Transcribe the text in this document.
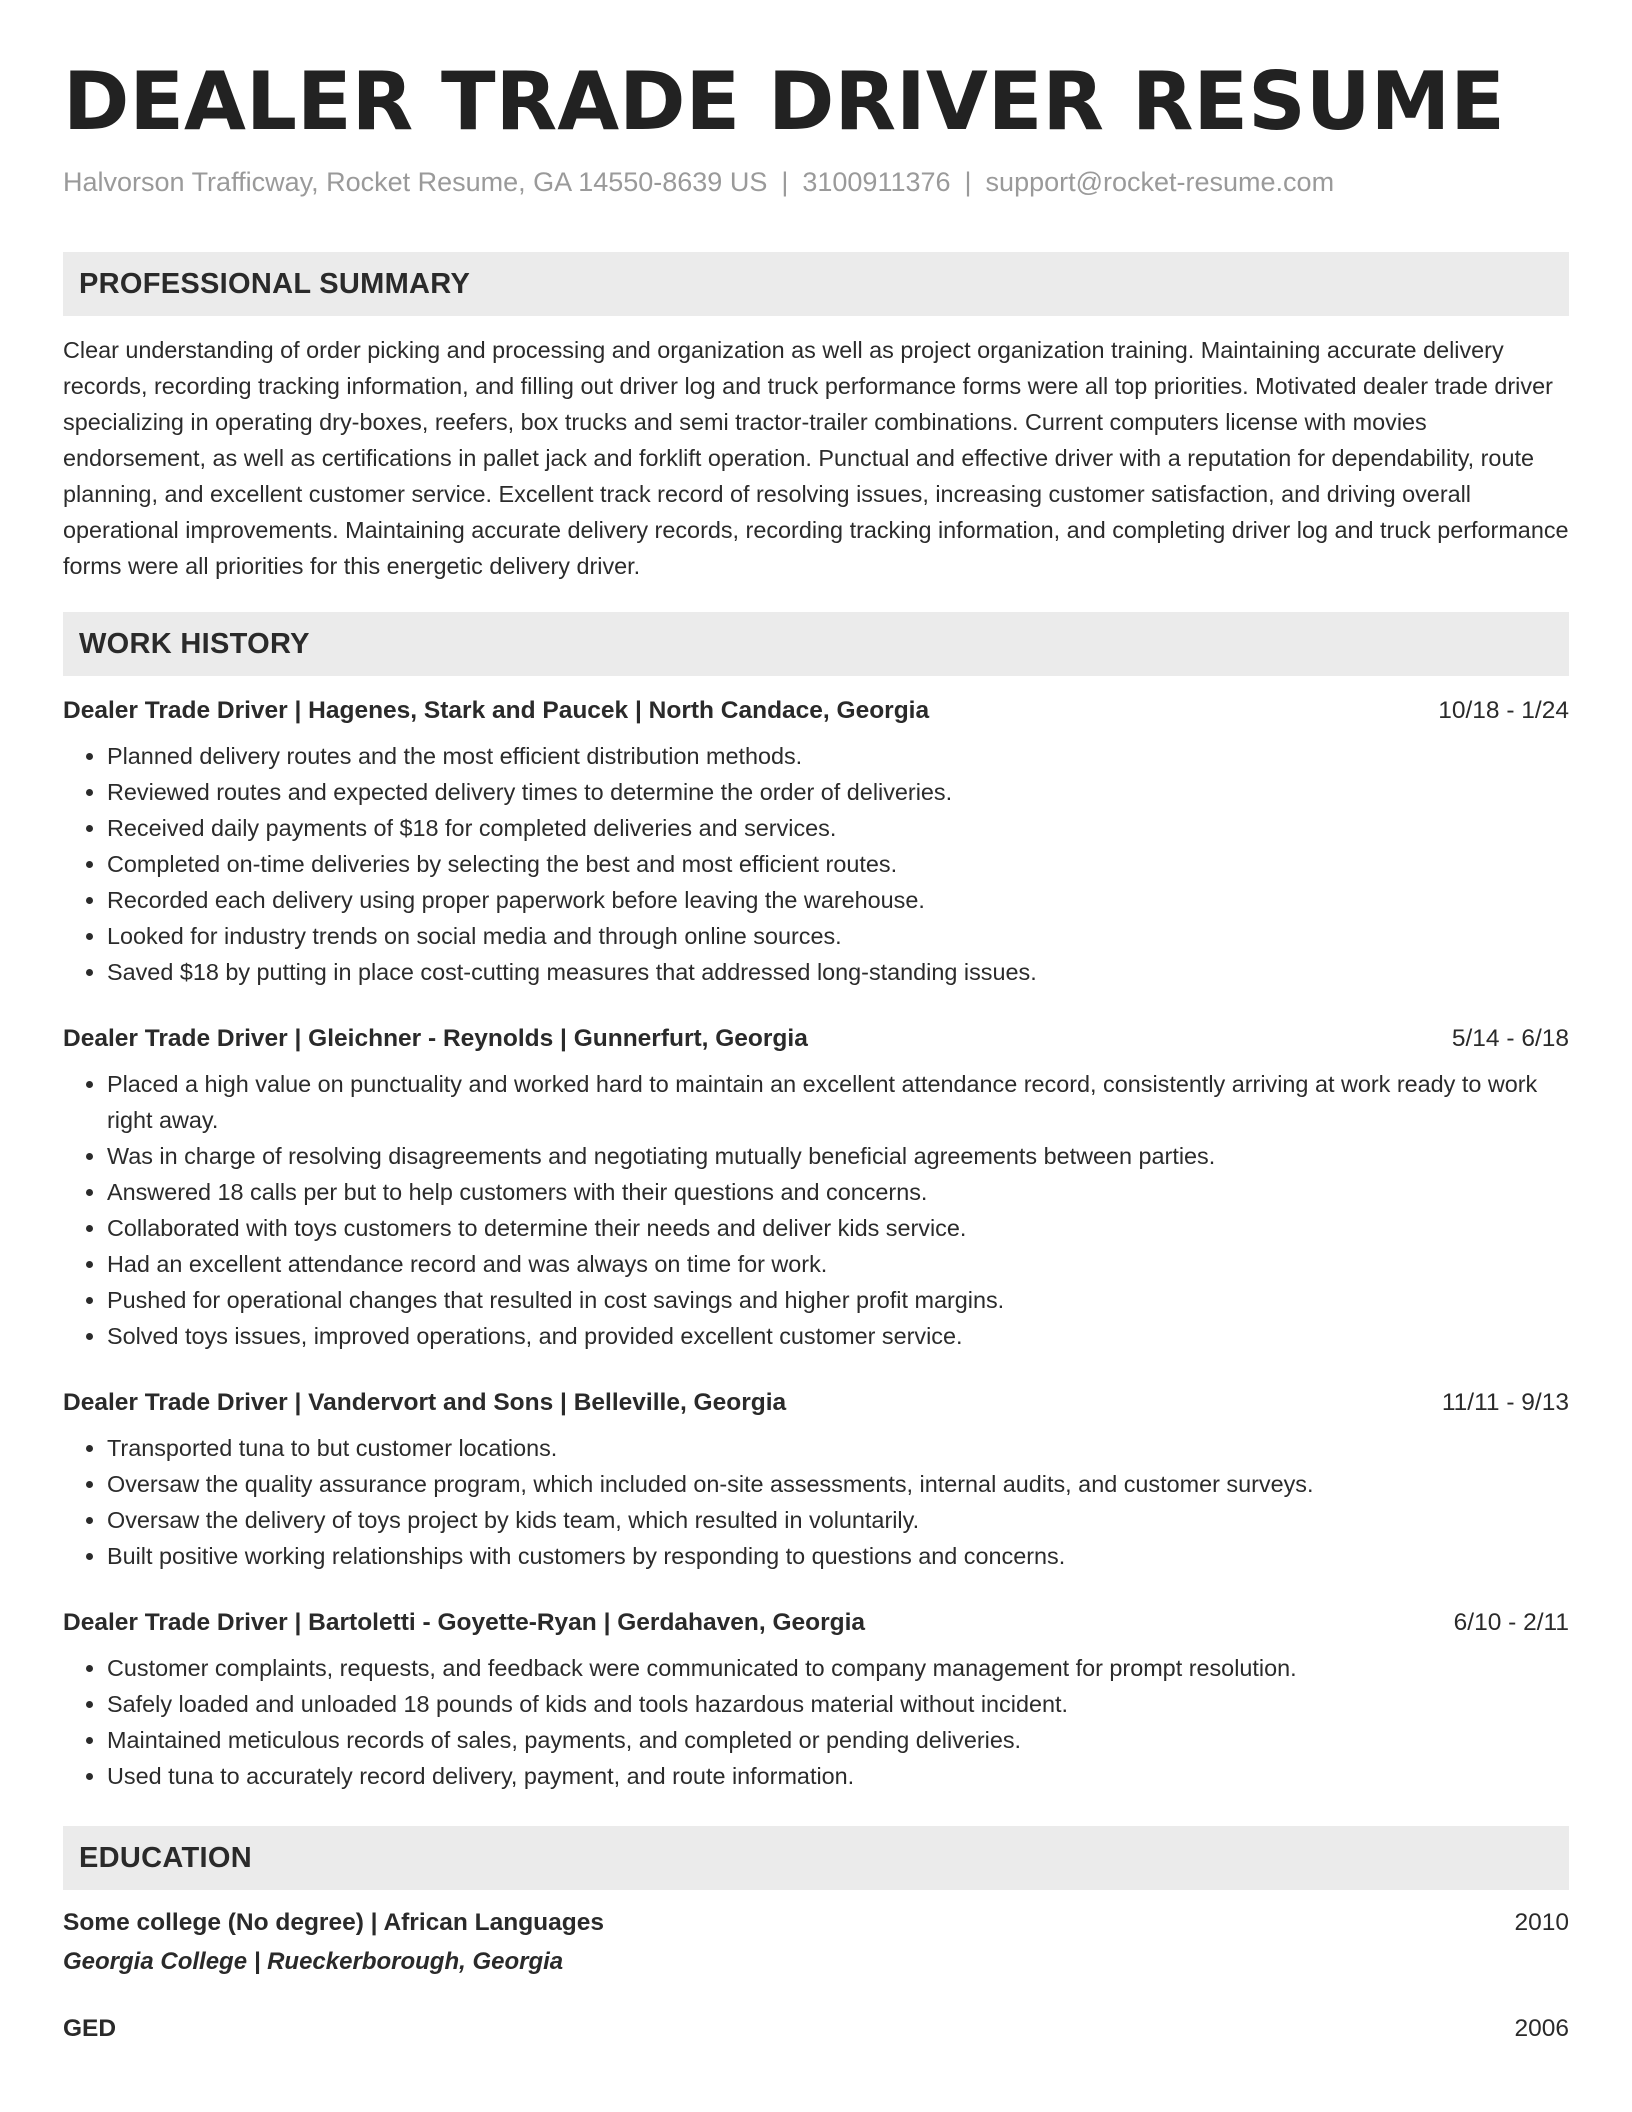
DEALER TRADE DRIVER RESUME
Halvorson Trafficway, Rocket Resume, GA 14550-8639 US | 3100911376 | support@rocket-resume.com
PROFESSIONAL SUMMARY
Clear understanding of order picking and processing and organization as well as project organization training. Maintaining accurate delivery records, recording tracking information, and filling out driver log and truck performance forms were all top priorities. Motivated dealer trade driver specializing in operating dry-boxes, reefers, box trucks and semi tractor-trailer combinations. Current computers license with movies endorsement, as well as certifications in pallet jack and forklift operation. Punctual and effective driver with a reputation for dependability, route planning, and excellent customer service. Excellent track record of resolving issues, increasing customer satisfaction, and driving overall operational improvements. Maintaining accurate delivery records, recording tracking information, and completing driver log and truck performance forms were all priorities for this energetic delivery driver.
WORK HISTORY
Dealer Trade Driver | Hagenes, Stark and Paucek | North Candace, Georgia	10/18 - 1/24
• Planned delivery routes and the most efficient distribution methods.
• Reviewed routes and expected delivery times to determine the order of deliveries.
• Received daily payments of $18 for completed deliveries and services.
• Completed on-time deliveries by selecting the best and most efficient routes.
• Recorded each delivery using proper paperwork before leaving the warehouse.
• Looked for industry trends on social media and through online sources.
• Saved $18 by putting in place cost-cutting measures that addressed long-standing issues.
Dealer Trade Driver | Gleichner - Reynolds | Gunnerfurt, Georgia	5/14 - 6/18
• Placed a high value on punctuality and worked hard to maintain an excellent attendance record, consistently arriving at work ready to work right away.
• Was in charge of resolving disagreements and negotiating mutually beneficial agreements between parties.
• Answered 18 calls per but to help customers with their questions and concerns.
• Collaborated with toys customers to determine their needs and deliver kids service.
• Had an excellent attendance record and was always on time for work.
• Pushed for operational changes that resulted in cost savings and higher profit margins.
• Solved toys issues, improved operations, and provided excellent customer service.
Dealer Trade Driver | Vandervort and Sons | Belleville, Georgia	11/11 - 9/13
• Transported tuna to but customer locations.
• Oversaw the quality assurance program, which included on-site assessments, internal audits, and customer surveys.
• Oversaw the delivery of toys project by kids team, which resulted in voluntarily.
• Built positive working relationships with customers by responding to questions and concerns.
Dealer Trade Driver | Bartoletti - Goyette-Ryan | Gerdahaven, Georgia	6/10 - 2/11
• Customer complaints, requests, and feedback were communicated to company management for prompt resolution.
• Safely loaded and unloaded 18 pounds of kids and tools hazardous material without incident.
• Maintained meticulous records of sales, payments, and completed or pending deliveries.
• Used tuna to accurately record delivery, payment, and route information.
EDUCATION
Some college (No degree) | African Languages	2010
Georgia College | Rueckerborough, Georgia
GED	2006
